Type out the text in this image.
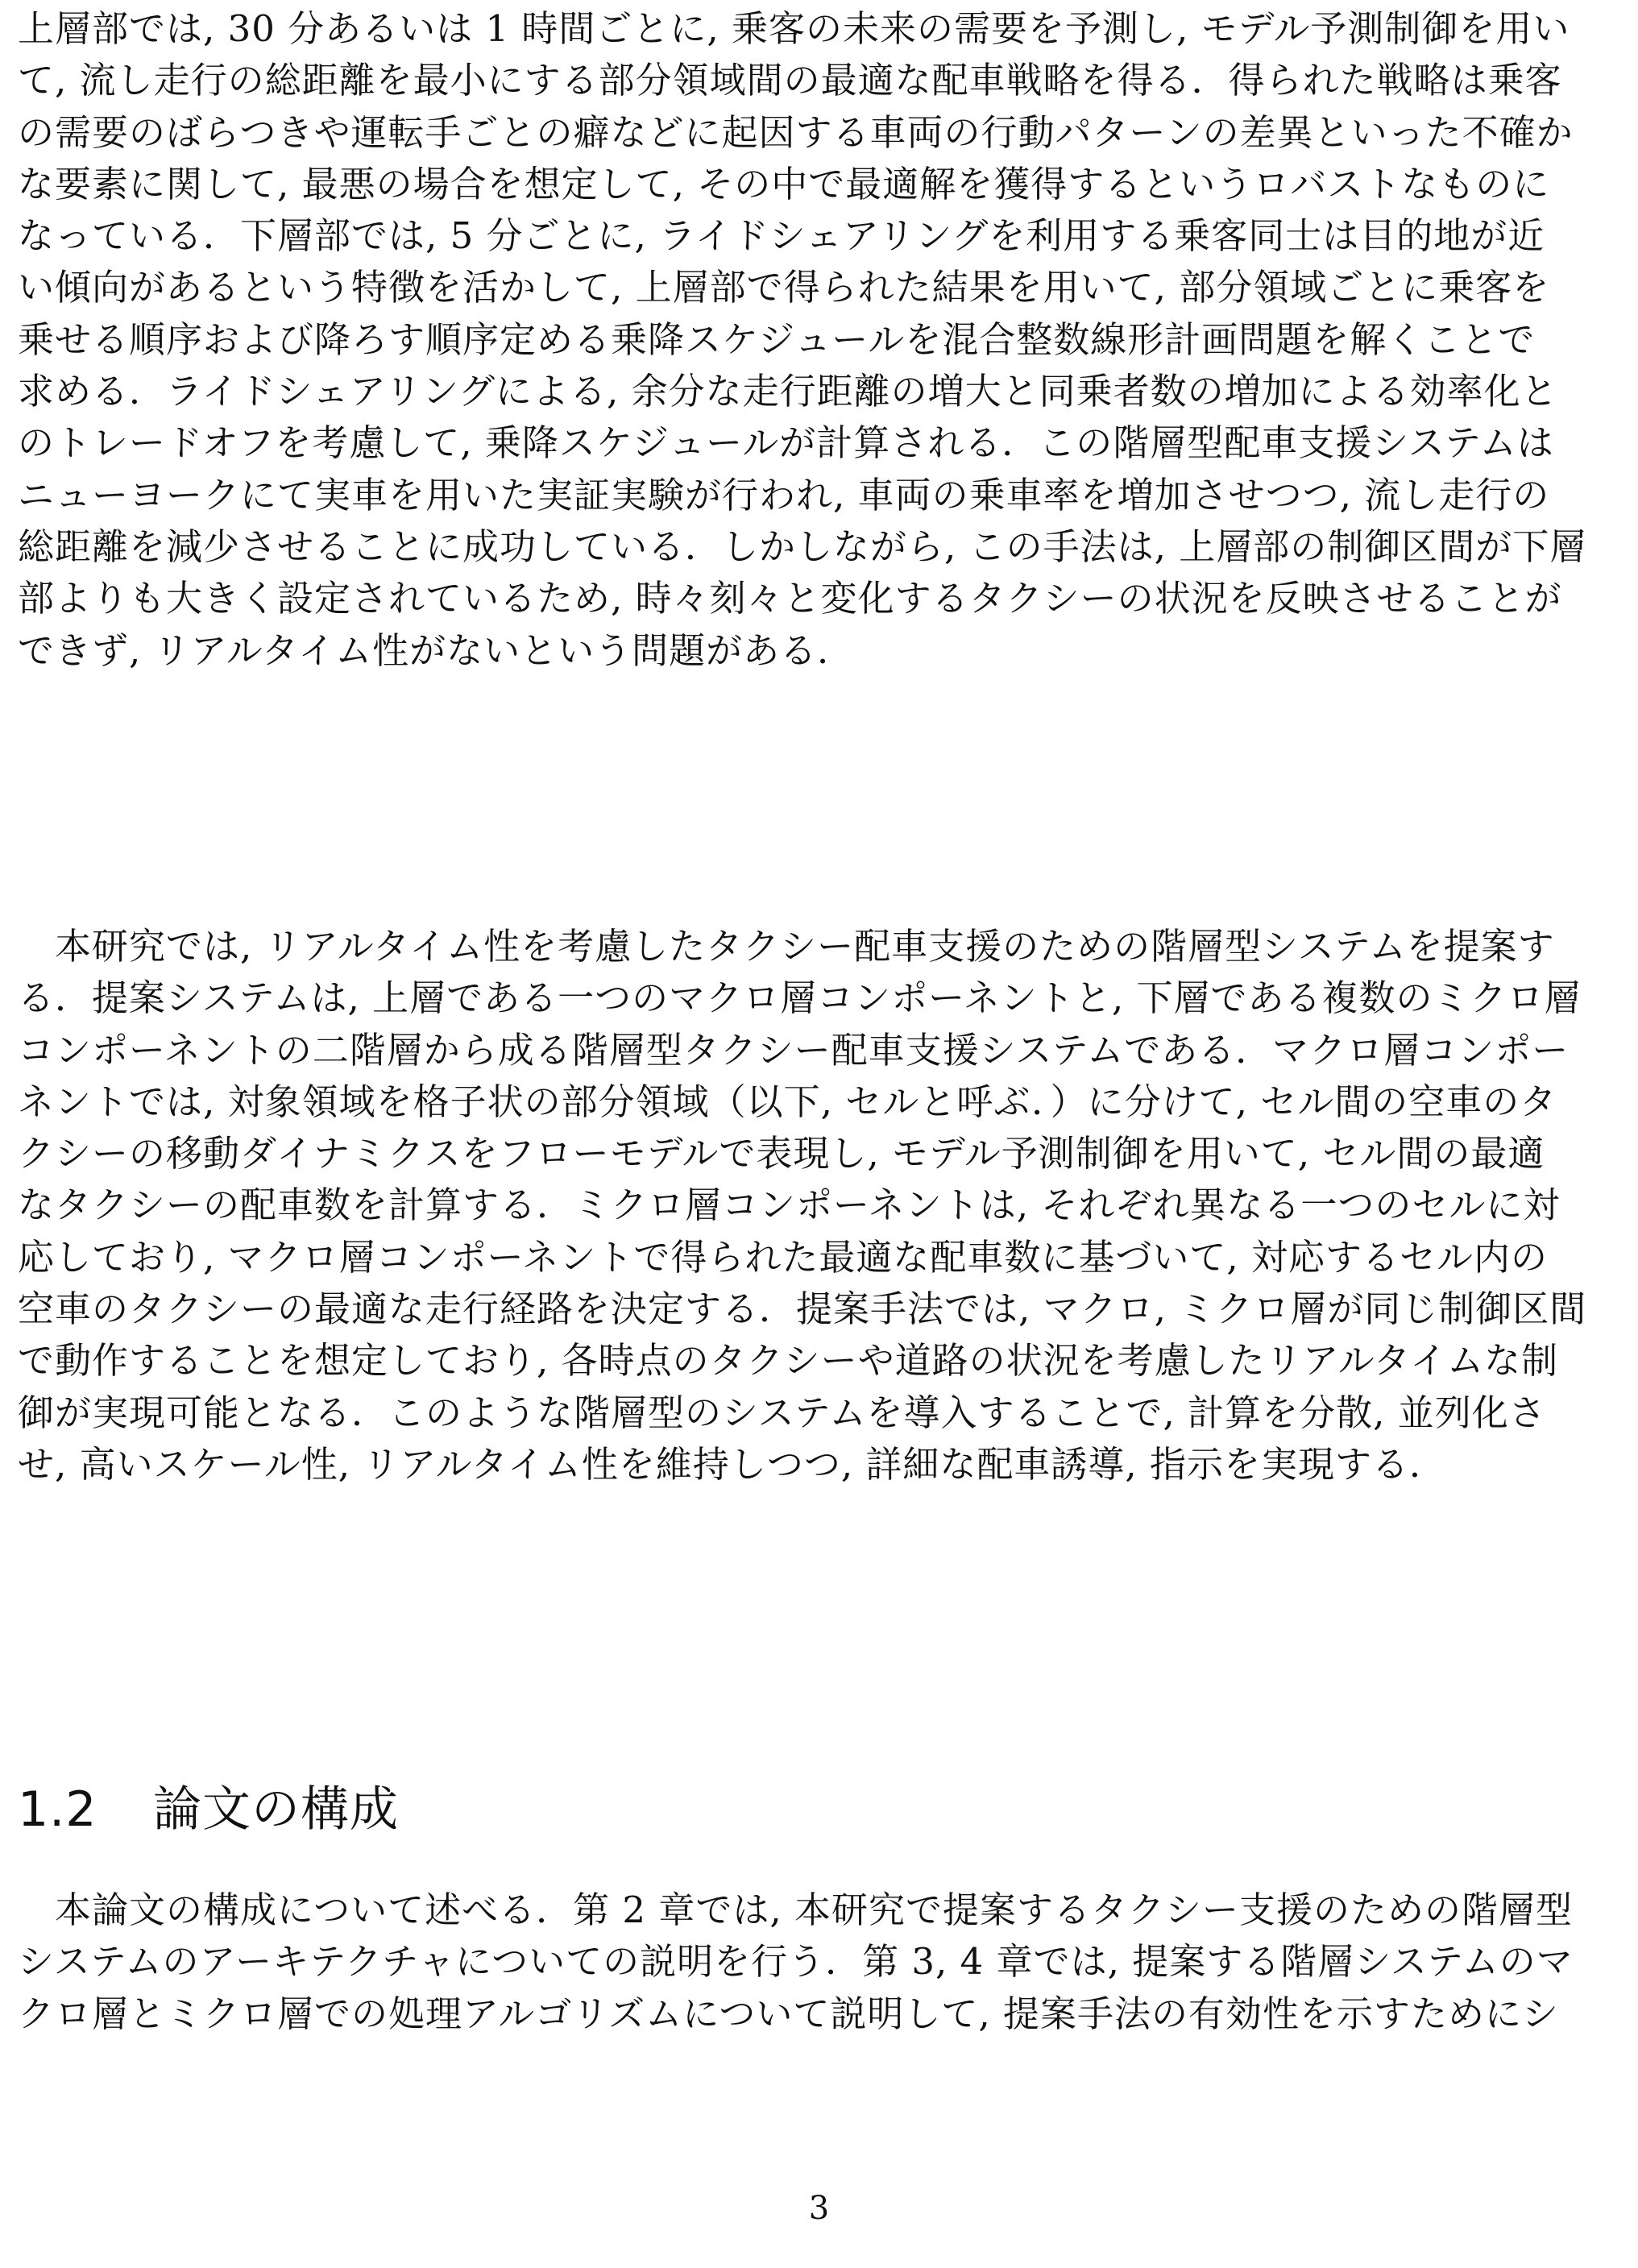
上層部では, 30 分あるいは 1 時間ごとに, 乗客の未来の需要を予測し, モデル予測制御を用い
て, 流し走行の総距離を最小にする部分領域間の最適な配車戦略を得る．得られた戦略は乗客
の需要のばらつきや運転手ごとの癖などに起因する車両の行動パターンの差異といった不確か
な要素に関して, 最悪の場合を想定して, その中で最適解を獲得するというロバストなものに
なっている．下層部では, 5 分ごとに, ライドシェアリングを利用する乗客同士は目的地が近
い傾向があるという特徴を活かして, 上層部で得られた結果を用いて, 部分領域ごとに乗客を
乗せる順序および降ろす順序定める乗降スケジュールを混合整数線形計画問題を解くことで
求める．ライドシェアリングによる, 余分な走行距離の増大と同乗者数の増加による効率化と
のトレードオフを考慮して, 乗降スケジュールが計算される．この階層型配車支援システムは
ニューヨークにて実車を用いた実証実験が行われ, 車両の乗車率を増加させつつ, 流し走行の
総距離を減少させることに成功している．しかしながら, この手法は, 上層部の制御区間が下層
部よりも大きく設定されているため, 時々刻々と変化するタクシーの状況を反映させることが
できず, リアルタイム性がないという問題がある．
本研究では, リアルタイム性を考慮したタクシー配車支援のための階層型システムを提案す
る．提案システムは, 上層である一つのマクロ層コンポーネントと, 下層である複数のミクロ層
コンポーネントの二階層から成る階層型タクシー配車支援システムである．マクロ層コンポー
ネントでは, 対象領域を格子状の部分領域（以下, セルと呼ぶ．）に分けて, セル間の空車のタ
クシーの移動ダイナミクスをフローモデルで表現し, モデル予測制御を用いて, セル間の最適
なタクシーの配車数を計算する．ミクロ層コンポーネントは, それぞれ異なる一つのセルに対
応しており, マクロ層コンポーネントで得られた最適な配車数に基づいて, 対応するセル内の
空車のタクシーの最適な走行経路を決定する．提案手法では, マクロ, ミクロ層が同じ制御区間
で動作することを想定しており, 各時点のタクシーや道路の状況を考慮したリアルタイムな制
御が実現可能となる．このような階層型のシステムを導入することで, 計算を分散, 並列化さ
せ, 高いスケール性, リアルタイム性を維持しつつ, 詳細な配車誘導, 指示を実現する．
1.2 論文の構成
本論文の構成について述べる．第 2 章では, 本研究で提案するタクシー支援のための階層型
システムのアーキテクチャについての説明を行う．第 3, 4 章では, 提案する階層システムのマ
クロ層とミクロ層での処理アルゴリズムについて説明して, 提案手法の有効性を示すためにシ
3
